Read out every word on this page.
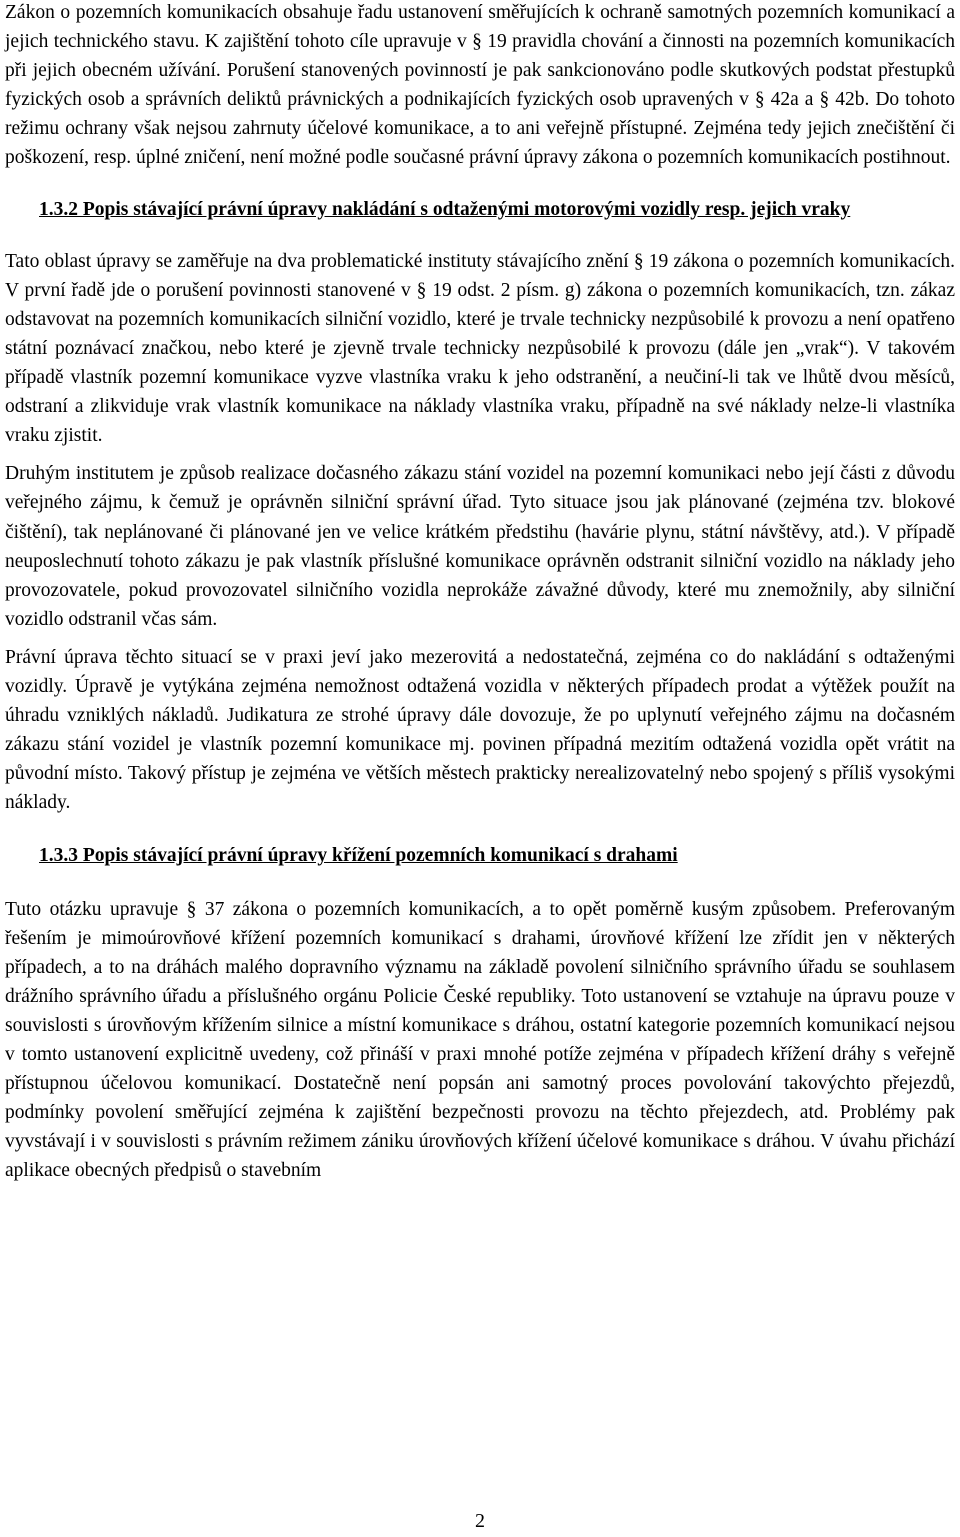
Zákon o pozemních komunikacích obsahuje řadu ustanovení směřujících k ochraně samotných pozemních komunikací a jejich technického stavu. K zajištění tohoto cíle upravuje v § 19 pravidla chování a činnosti na pozemních komunikacích při jejich obecném užívání. Porušení stanovených povinností je pak sankcionováno podle skutkových podstat přestupků fyzických osob a správních deliktů právnických a podnikajících fyzických osob upravených v § 42a a § 42b. Do tohoto režimu ochrany však nejsou zahrnuty účelové komunikace, a to ani veřejně přístupné. Zejména tedy jejich znečištění či poškození, resp. úplné zničení, není možné podle současné právní úpravy zákona o pozemních komunikacích postihnout.

1.3.2 Popis stávající právní úpravy nakládání s odtaženými motorovými vozidly resp. jejich vraky

Tato oblast úpravy se zaměřuje na dva problematické instituty stávajícího znění § 19 zákona o pozemních komunikacích. V první řadě jde o porušení povinnosti stanovené v § 19 odst. 2 písm. g) zákona o pozemních komunikacích, tzn. zákaz odstavovat na pozemních komunikacích silniční vozidlo, které je trvale technicky nezpůsobilé k provozu a není opatřeno státní poznávací značkou, nebo které je zjevně trvale technicky nezpůsobilé k provozu (dále jen „vrak“). V takovém případě vlastník pozemní komunikace vyzve vlastníka vraku k jeho odstranění, a neučiní-li tak ve lhůtě dvou měsíců, odstraní a zlikviduje vrak vlastník komunikace na náklady vlastníka vraku, případně na své náklady nelze-li vlastníka vraku zjistit.

Druhým institutem je způsob realizace dočasného zákazu stání vozidel na pozemní komunikaci nebo její části z důvodu veřejného zájmu, k čemuž je oprávněn silniční správní úřad. Tyto situace jsou jak plánované (zejména tzv. blokové čištění), tak neplánované či plánované jen ve velice krátkém předstihu (havárie plynu, státní návštěvy, atd.). V případě neuposlechnutí tohoto zákazu je pak vlastník příslušné komunikace oprávněn odstranit silniční vozidlo na náklady jeho provozovatele, pokud provozovatel silničního vozidla neprokáže závažné důvody, které mu znemožnily, aby silniční vozidlo odstranil včas sám.

Právní úprava těchto situací se v praxi jeví jako mezerovitá a nedostatečná, zejména co do nakládání s odtaženými vozidly. Úpravě je vytýkána zejména nemožnost odtažená vozidla v některých případech prodat a výtěžek použít na úhradu vzniklých nákladů. Judikatura ze strohé úpravy dále dovozuje, že po uplynutí veřejného zájmu na dočasném zákazu stání vozidel je vlastník pozemní komunikace mj. povinen případná mezitím odtažená vozidla opět vrátit na původní místo. Takový přístup je zejména ve větších městech prakticky nerealizovatelný nebo spojený s příliš vysokými náklady.

1.3.3 Popis stávající právní úpravy křížení pozemních komunikací s drahami

Tuto otázku upravuje § 37 zákona o pozemních komunikacích, a to opět poměrně kusým způsobem. Preferovaným řešením je mimoúrovňové křížení pozemních komunikací s drahami, úrovňové křížení lze zřídit jen v některých případech, a to na dráhách malého dopravního významu na základě povolení silničního správního úřadu se souhlasem drážního správního úřadu a příslušného orgánu Policie České republiky. Toto ustanovení se vztahuje na úpravu pouze v souvislosti s úrovňovým křížením silnice a místní komunikace s dráhou, ostatní kategorie pozemních komunikací nejsou v tomto ustanovení explicitně uvedeny, což přináší v praxi mnohé potíže zejména v případech křížení dráhy s veřejně přístupnou účelovou komunikací. Dostatečně není popsán ani samotný proces povolování takovýchto přejezdů, podmínky povolení směřující zejména k zajištění bezpečnosti provozu na těchto přejezdech, atd. Problémy pak vyvstávají i v souvislosti s právním režimem zániku úrovňových křížení účelové komunikace s dráhou. V úvahu přichází aplikace obecných předpisů o stavebním

2
